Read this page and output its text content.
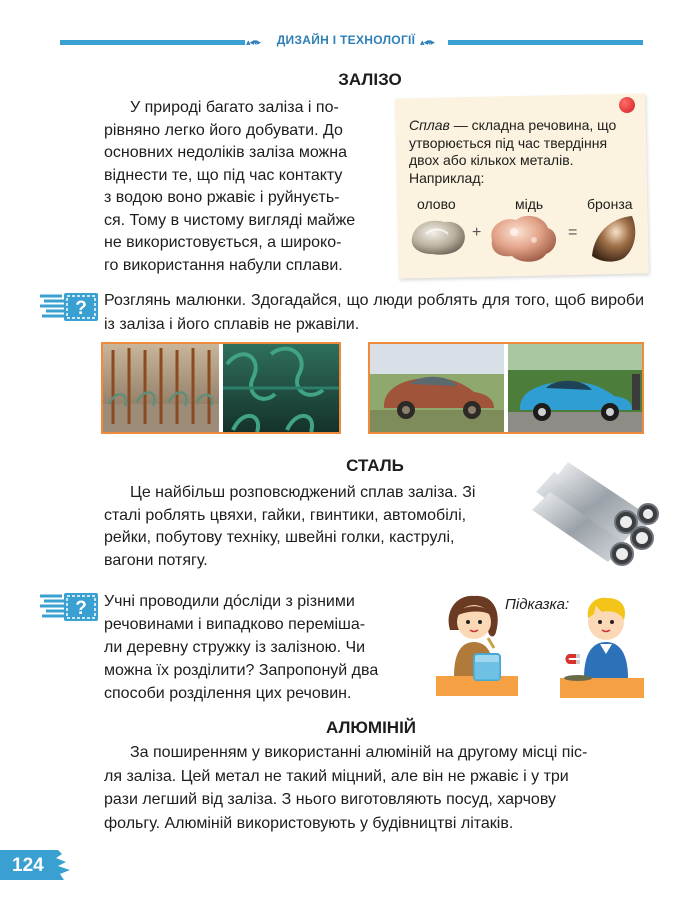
▴◂▾▸	▴◂▾▸
ДИЗАЙН І ТЕХНОЛОГІЇ
ЗАЛІЗО

У природі багато заліза і по-

рівняно легко його добувати. До

основних недоліків заліза можна

віднести те, що під час контакту

з водою воно ржавіє і руйнуєть-

ся. Тому в чистому вигляді майже

не використовується, а широко-

го використання набули сплави.

Сплав — складна речовина, що утворюється під час твердіння двох або кількох металів.
Наприклад:
олово	мідь	бронза
+	=
? Розглянь малюнки. Здогадайся, що люди роблять для того, щоб вироби із заліза і його сплавів не ржавіли.
СТАЛЬ

Це найбільш розповсюджений сплав заліза. Зі

сталі роблять цвяхи, гайки, гвинтики, автомобілі,

рейки, побутову техніку, швейні голки, каструлі,

вагони потягу.

? Учні проводили до́сліди з різними

речовинами і випадково переміша-

ли деревну стружку із залізною. Чи

можна їх розділити? Запропонуй два

способи розділення цих речовин.

Підказка:
АЛЮМІНІЙ

За поширенням у використанні алюміній на другому місці піс-

ля заліза. Цей метал не такий міцний, але він не ржавіє і у три

рази легший від заліза. З нього виготовляють посуд, харчову

фольгу. Алюміній використовують у будівництві літаків.

124
